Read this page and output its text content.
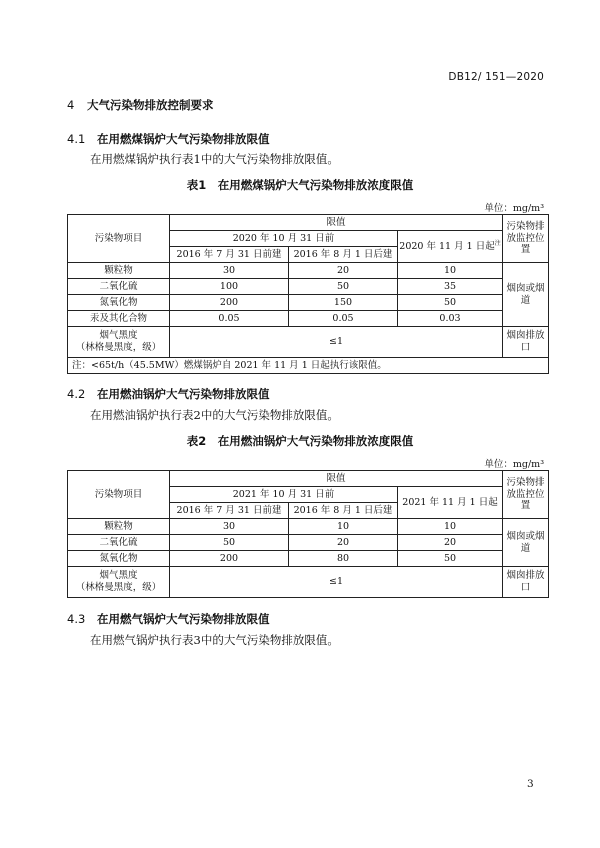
DB12/ 151—2020
4 大气污染物排放控制要求
4.1 在用燃煤锅炉大气污染物排放限值
在用燃煤锅炉执行表1中的大气污染物排放限值。
表1　在用燃煤锅炉大气污染物排放浓度限值
单位：mg/m³
污染物项目	限值			污染物排放监控位置
	2020 年 10 月 31 日前		2020 年 11 月 1 日起$^注$
	2016 年 7 月 31 日前建	2016 年 8 月 1 日后建		
颗粒物	30	20	10	烟囱或烟道
二氧化硫	100	50	35	
氮氧化物	200	150	50	
汞及其化合物	0.05	0.05	0.03	

烟气黑度
（林格曼黑度，级）	≤1			烟囱排放口
注：<65t/h（45.5MW）燃煤锅炉自 2021 年 11 月 1 日起执行该限值。				
4.2 在用燃油锅炉大气污染物排放限值
在用燃油锅炉执行表2中的大气污染物排放限值。
表2　在用燃油锅炉大气污染物排放浓度限值
单位：mg/m³
污染物项目	限值			污染物排放监控位置
	2021 年 10 月 31 日前		2021 年 11 月 1 日起	
	2016 年 7 月 31 日前建	2016 年 8 月 1 日后建		
颗粒物	30	10	10	烟囱或烟道
二氧化硫	50	20	20	
氮氧化物	200	80	50	

烟气黑度
（林格曼黑度，级）	≤1			烟囱排放口
4.3 在用燃气锅炉大气污染物排放限值
在用燃气锅炉执行表3中的大气污染物排放限值。
3
